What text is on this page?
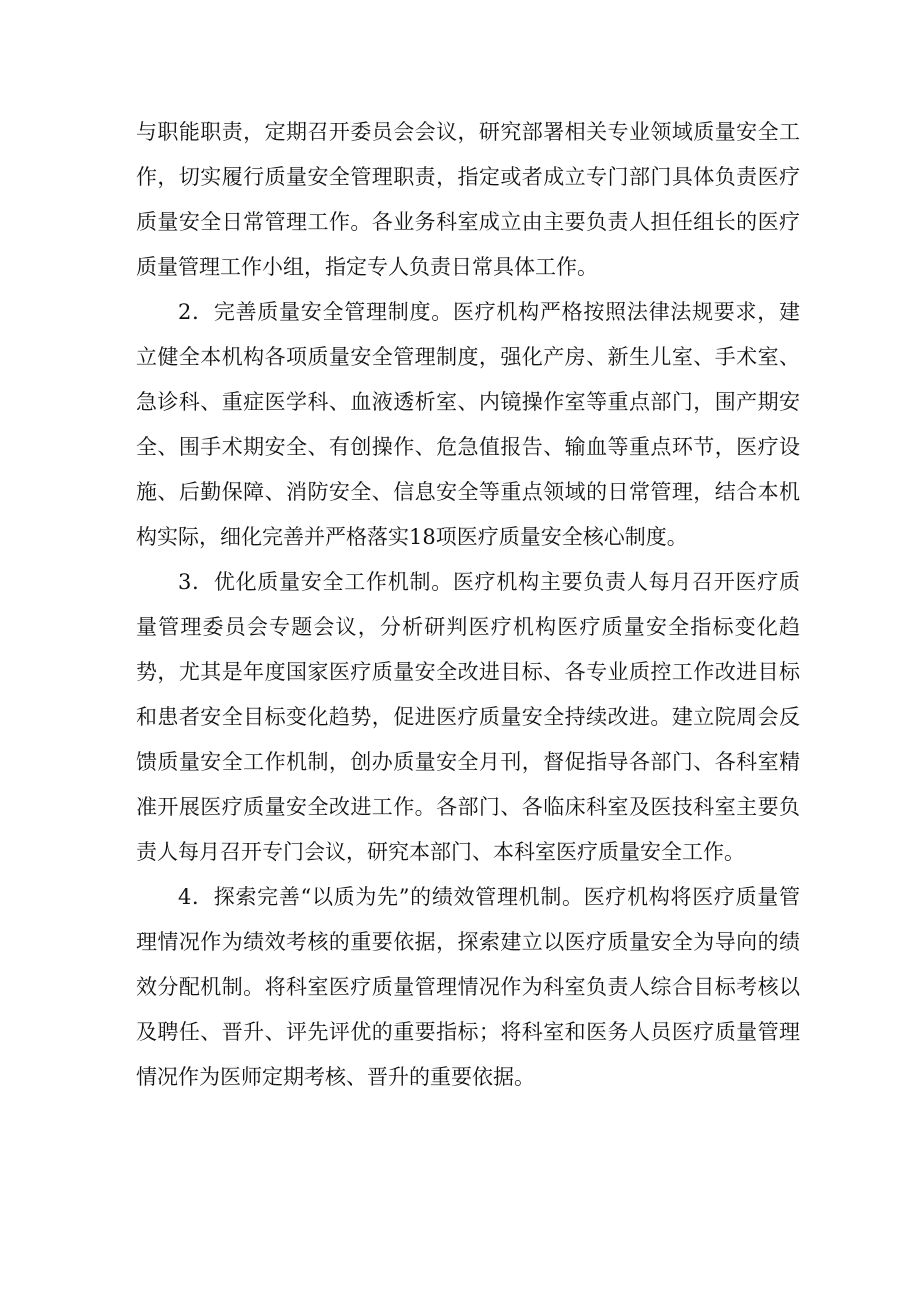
与职能职责，定期召开委员会会议，研究部署相关专业领域质量安全工作，切实履行质量安全管理职责，指定或者成立专门部门具体负责医疗质量安全日常管理工作。各业务科室成立由主要负责人担任组长的医疗质量管理工作小组，指定专人负责日常具体工作。

2．完善质量安全管理制度。医疗机构严格按照法律法规要求，建立健全本机构各项质量安全管理制度，强化产房、新生儿室、手术室、急诊科、重症医学科、血液透析室、内镜操作室等重点部门，围产期安全、围手术期安全、有创操作、危急值报告、输血等重点环节，医疗设施、后勤保障、消防安全、信息安全等重点领域的日常管理，结合本机构实际，细化完善并严格落实18项医疗质量安全核心制度。

3．优化质量安全工作机制。医疗机构主要负责人每月召开医疗质量管理委员会专题会议，分析研判医疗机构医疗质量安全指标变化趋势，尤其是年度国家医疗质量安全改进目标、各专业质控工作改进目标和患者安全目标变化趋势，促进医疗质量安全持续改进。建立院周会反馈质量安全工作机制，创办质量安全月刊，督促指导各部门、各科室精准开展医疗质量安全改进工作。各部门、各临床科室及医技科室主要负责人每月召开专门会议，研究本部门、本科室医疗质量安全工作。

4．探索完善“以质为先”的绩效管理机制。医疗机构将医疗质量管理情况作为绩效考核的重要依据，探索建立以医疗质量安全为导向的绩效分配机制。将科室医疗质量管理情况作为科室负责人综合目标考核以及聘任、晋升、评先评优的重要指标；将科室和医务人员医疗质量管理情况作为医师定期考核、晋升的重要依据。
